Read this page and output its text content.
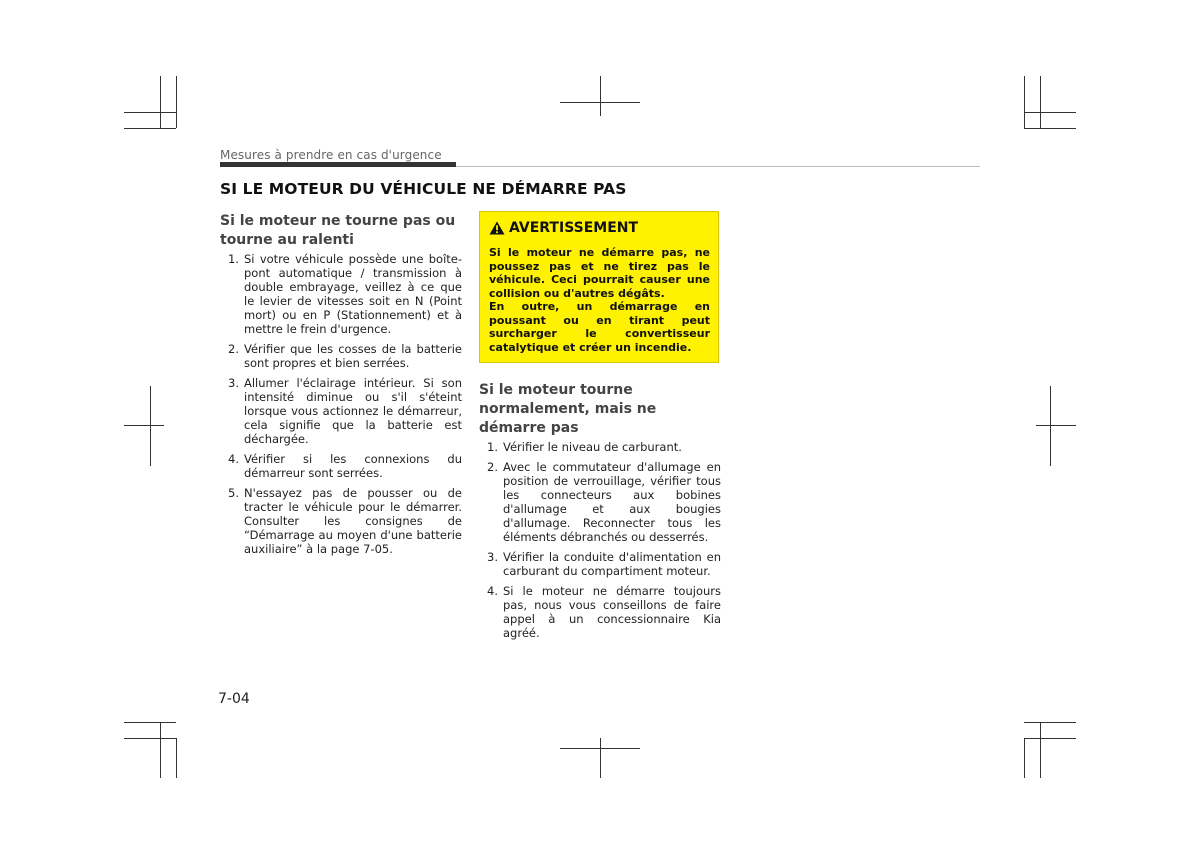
Mesures à prendre en cas d'urgence
SI LE MOTEUR DU VÉHICULE NE DÉMARRE PAS
Si le moteur ne tourne pas ou tourne au ralenti
1. Si votre véhicule possède une boîte-pont automatique / transmission à double embrayage, veillez à ce que le levier de vitesses soit en N (Point mort) ou en P (Stationnement) et à mettre le frein d'urgence.
2. Vérifier que les cosses de la batterie sont propres et bien serrées.
3. Allumer l'éclairage intérieur. Si son intensité diminue ou s'il s'éteint lorsque vous actionnez le démarreur, cela signifie que la batterie est déchargée.
4. Vérifier si les connexions du démarreur sont serrées.
5. N'essayez pas de pousser ou de tracter le véhicule pour le démarrer. Consulter les consignes de “Démarrage au moyen d'une batterie auxiliaire” à la page 7-05.
AVERTISSEMENT

Si le moteur ne démarre pas, ne poussez pas et ne tirez pas le véhicule. Ceci pourrait causer une collision ou d'autres dégâts.

En outre, un démarrage en poussant ou en tirant peut surcharger le convertisseur catalytique et créer un incendie.

Si le moteur tourne normalement, mais ne démarre pas
1. Vérifier le niveau de carburant.
2. Avec le commutateur d'allumage en position de verrouillage, vérifier tous les connecteurs aux bobines d'allumage et aux bougies d'allumage. Reconnecter tous les éléments débranchés ou desserrés.
3. Vérifier la conduite d'alimentation en carburant du compartiment moteur.
4. Si le moteur ne démarre toujours pas, nous vous conseillons de faire appel à un concessionnaire Kia agréé.
7-04
